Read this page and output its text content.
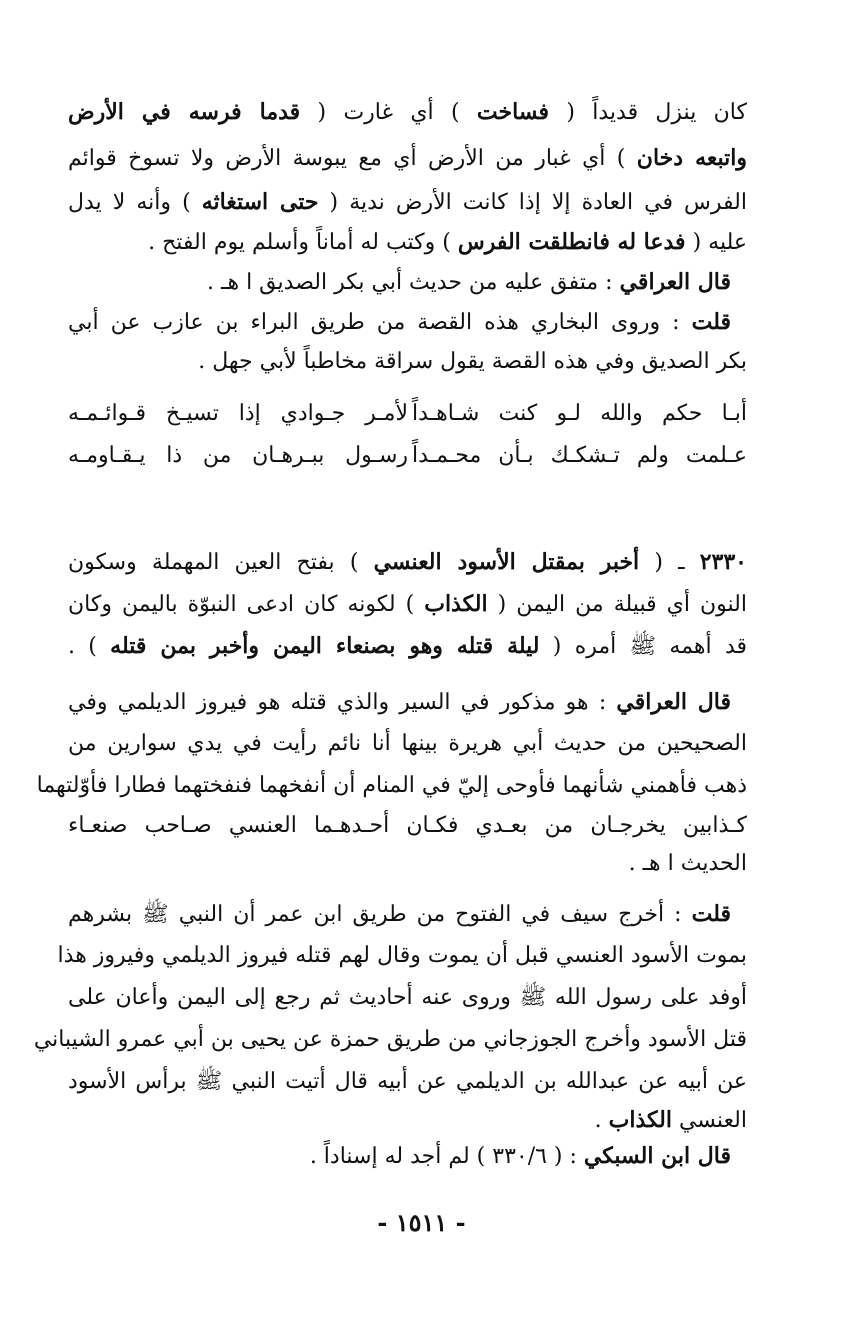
كان ينزل قديداً ( فساخت ) أي غارت ( قدما فرسه في الأرض
واتبعه دخان ) أي غبار من الأرض أي مع يبوسة الأرض ولا تسوخ قوائم
الفرس في العادة إلا إذا كانت الأرض ندية ( حتى استغاثه ) وأنه لا يدل
عليه ( فدعا له فانطلقت الفرس ) وكتب له أماناً وأسلم يوم الفتح .
قال العراقي : متفق عليه من حديث أبي بكر الصديق ا هـ .
قلت : وروى البخاري هذه القصة من طريق البراء بن عازب عن أبي
بكر الصديق وفي هذه القصة يقول سراقة مخاطباً لأبي جهل .
أبـا حكم والله لـو كنت شـاهـداً
لأمـر جـوادي إذا تسيـخ قـوائـمـه
عـلمت ولم تـشكـك بـأن محـمـداً
رسـول ببـرهـان من ذا يـقـاومـه
٢٣٣٠ ـ ( أخبر بمقتل الأسود العنسي ) بفتح العين المهملة وسكون
النون أي قبيلة من اليمن ( الكذاب ) لكونه كان ادعى النبوّة باليمن وكان
قد أهمه ﷺ أمره ( ليلة قتله وهو بصنعاء اليمن وأخبر بمن قتله ) .
قال العراقي : هو مذكور في السير والذي قتله هو فيروز الديلمي وفي
الصحيحين من حديث أبي هريرة بينها أنا نائم رأيت في يدي سوارين من
ذهب فأهمني شأنهما فأوحى إليّ في المنام أن أنفخهما فنفختهما فطارا فأوّلتهما
كـذابين يخرجـان من بعـدي فكـان أحـدهـما العنسي صـاحب صنعـاء
الحديث ا هـ .
قلت : أخرج سيف في الفتوح من طريق ابن عمر أن النبي ﷺ بشرهم
بموت الأسود العنسي قبل أن يموت وقال لهم قتله فيروز الديلمي وفيروز هذا
أوفد على رسول الله ﷺ وروى عنه أحاديث ثم رجع إلى اليمن وأعان على
قتل الأسود وأخرج الجوزجاني من طريق حمزة عن يحيى بن أبي عمرو الشيباني
عن أبيه عن عبدالله بن الديلمي عن أبيه قال أتيت النبي ﷺ برأس الأسود
العنسي الكذاب .
قال ابن السبكي : ( ٣٣٠/٦ ) لم أجد له إسناداً .
- ١٥١١ -
